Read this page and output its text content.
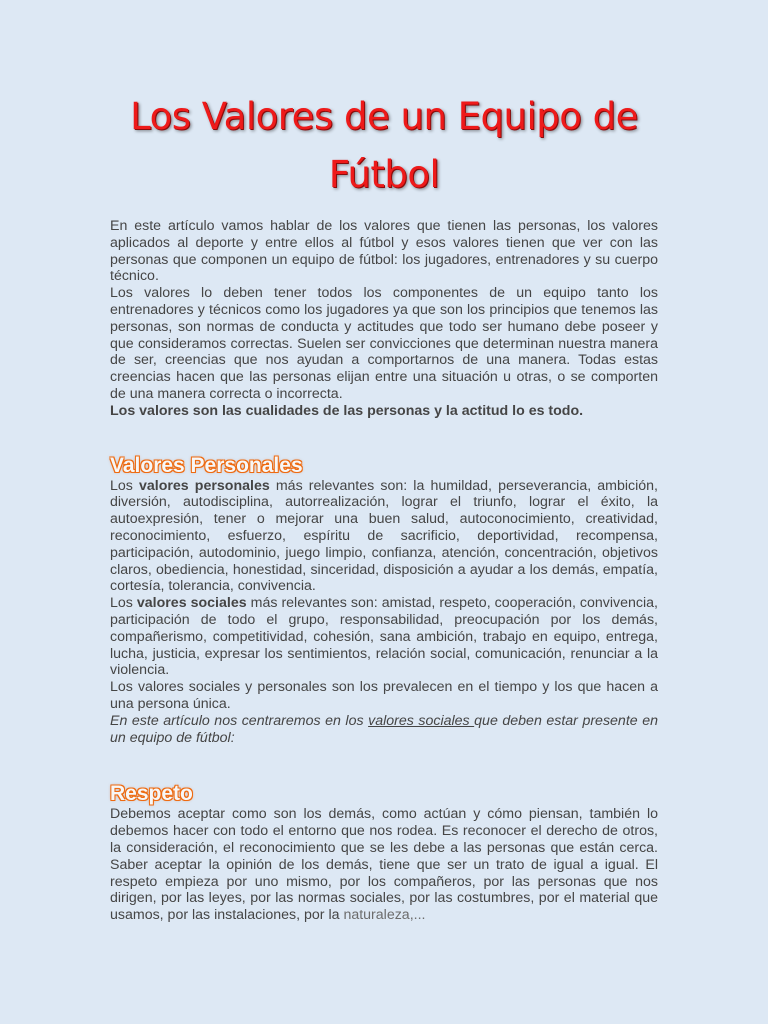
Los Valores de un Equipo de
Fútbol

En este artículo vamos hablar de los valores que tienen las personas, los valores aplicados al deporte y entre ellos al fútbol y esos valores tienen que ver con las personas que componen un equipo de fútbol: los jugadores, entrenadores y su cuerpo técnico.

Los valores lo deben tener todos los componentes de un equipo tanto los entrenadores y técnicos como los jugadores ya que son los principios que tenemos las personas, son normas de conducta y actitudes que todo ser humano debe poseer y que consideramos correctas. Suelen ser convicciones que determinan nuestra manera de ser, creencias que nos ayudan a comportarnos de una manera. Todas estas creencias hacen que las personas elijan entre una situación u otras, o se comporten de una manera correcta o incorrecta.

Los valores son las cualidades de las personas y la actitud lo es todo.

Valores Personales

Los valores personales más relevantes son: la humildad, perseverancia, ambición, diversión, autodisciplina, autorrealización, lograr el triunfo, lograr el éxito, la autoexpresión, tener o mejorar una buen salud, autoconocimiento, creatividad, reconocimiento, esfuerzo, espíritu de sacrificio, deportividad, recompensa, participación, autodominio, juego limpio, confianza, atención, concentración, objetivos claros, obediencia, honestidad, sinceridad, disposición a ayudar a los demás, empatía, cortesía, tolerancia, convivencia.

Los valores sociales más relevantes son: amistad, respeto, cooperación, convivencia, participación de todo el grupo, responsabilidad, preocupación por los demás, compañerismo, competitividad, cohesión, sana ambición, trabajo en equipo, entrega, lucha, justicia, expresar los sentimientos, relación social, comunicación, renunciar a la violencia.

Los valores sociales y personales son los prevalecen en el tiempo y los que hacen a una persona única.

En este artículo nos centraremos en los valores sociales que deben estar presente en un equipo de fútbol:

Respeto

Debemos aceptar como son los demás, como actúan y cómo piensan, también lo debemos hacer con todo el entorno que nos rodea. Es reconocer el derecho de otros, la consideración, el reconocimiento que se les debe a las personas que están cerca. Saber aceptar la opinión de los demás, tiene que ser un trato de igual a igual. El respeto empieza por uno mismo, por los compañeros, por las personas que nos dirigen, por las leyes, por las normas sociales, por las costumbres, por el material que usamos, por las instalaciones, por la naturaleza,...
